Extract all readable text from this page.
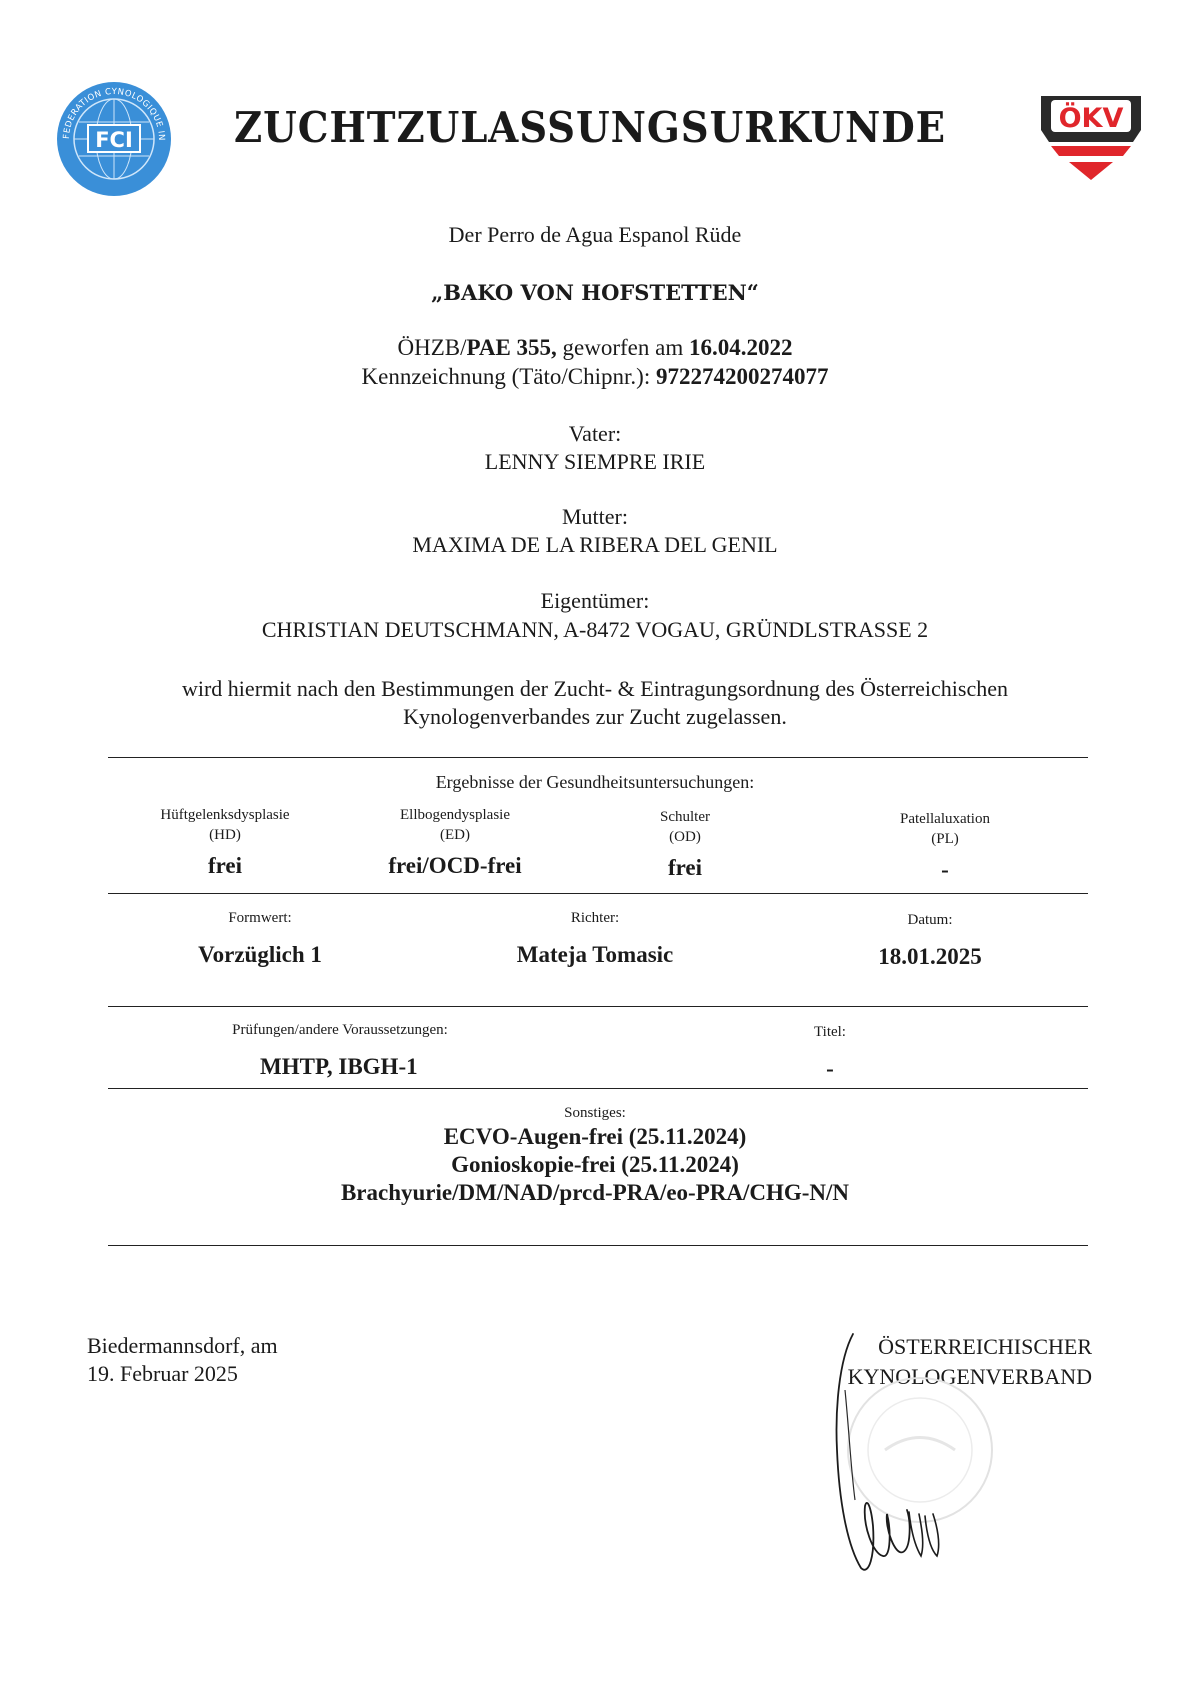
FCI
FEDERATION CYNOLOGIQUE IN ZUCHTZULASSUNGSURKUNDE	ÖKV
Der Perro de Agua Espanol Rüde
„BAKO VON HOFSTETTEN“
ÖHZB/PAE 355, geworfen am 16.04.2022
Kennzeichnung (Täto/Chipnr.): 972274200274077
Vater:
LENNY SIEMPRE IRIE
Mutter:
MAXIMA DE LA RIBERA DEL GENIL
Eigentümer:
CHRISTIAN DEUTSCHMANN, A-8472 VOGAU, GRÜNDLSTRASSE 2
wird hiermit nach den Bestimmungen der Zucht- & Eintragungsordnung des Österreichischen
Kynologenverbandes zur Zucht zugelassen.
Ergebnisse der Gesundheitsuntersuchungen:
Hüftgelenksdysplasie
(HD)
frei
Ellbogendysplasie
(ED)
frei/OCD-frei
Schulter
(OD)
frei
Patellaluxation
(PL)
-
Formwert:
Vorzüglich 1
Richter:
Mateja Tomasic
Datum:
18.01.2025
Prüfungen/andere Voraussetzungen:
MHTP, IBGH-1
Titel:
-
Sonstiges:
ECVO-Augen-frei (25.11.2024)
Gonioskopie-frei (25.11.2024)
Brachyurie/DM/NAD/prcd-PRA/eo-PRA/CHG-N/N
Biedermannsdorf, am
19. Februar 2025
ÖSTERREICHISCHER
KYNOLOGENVERBAND
